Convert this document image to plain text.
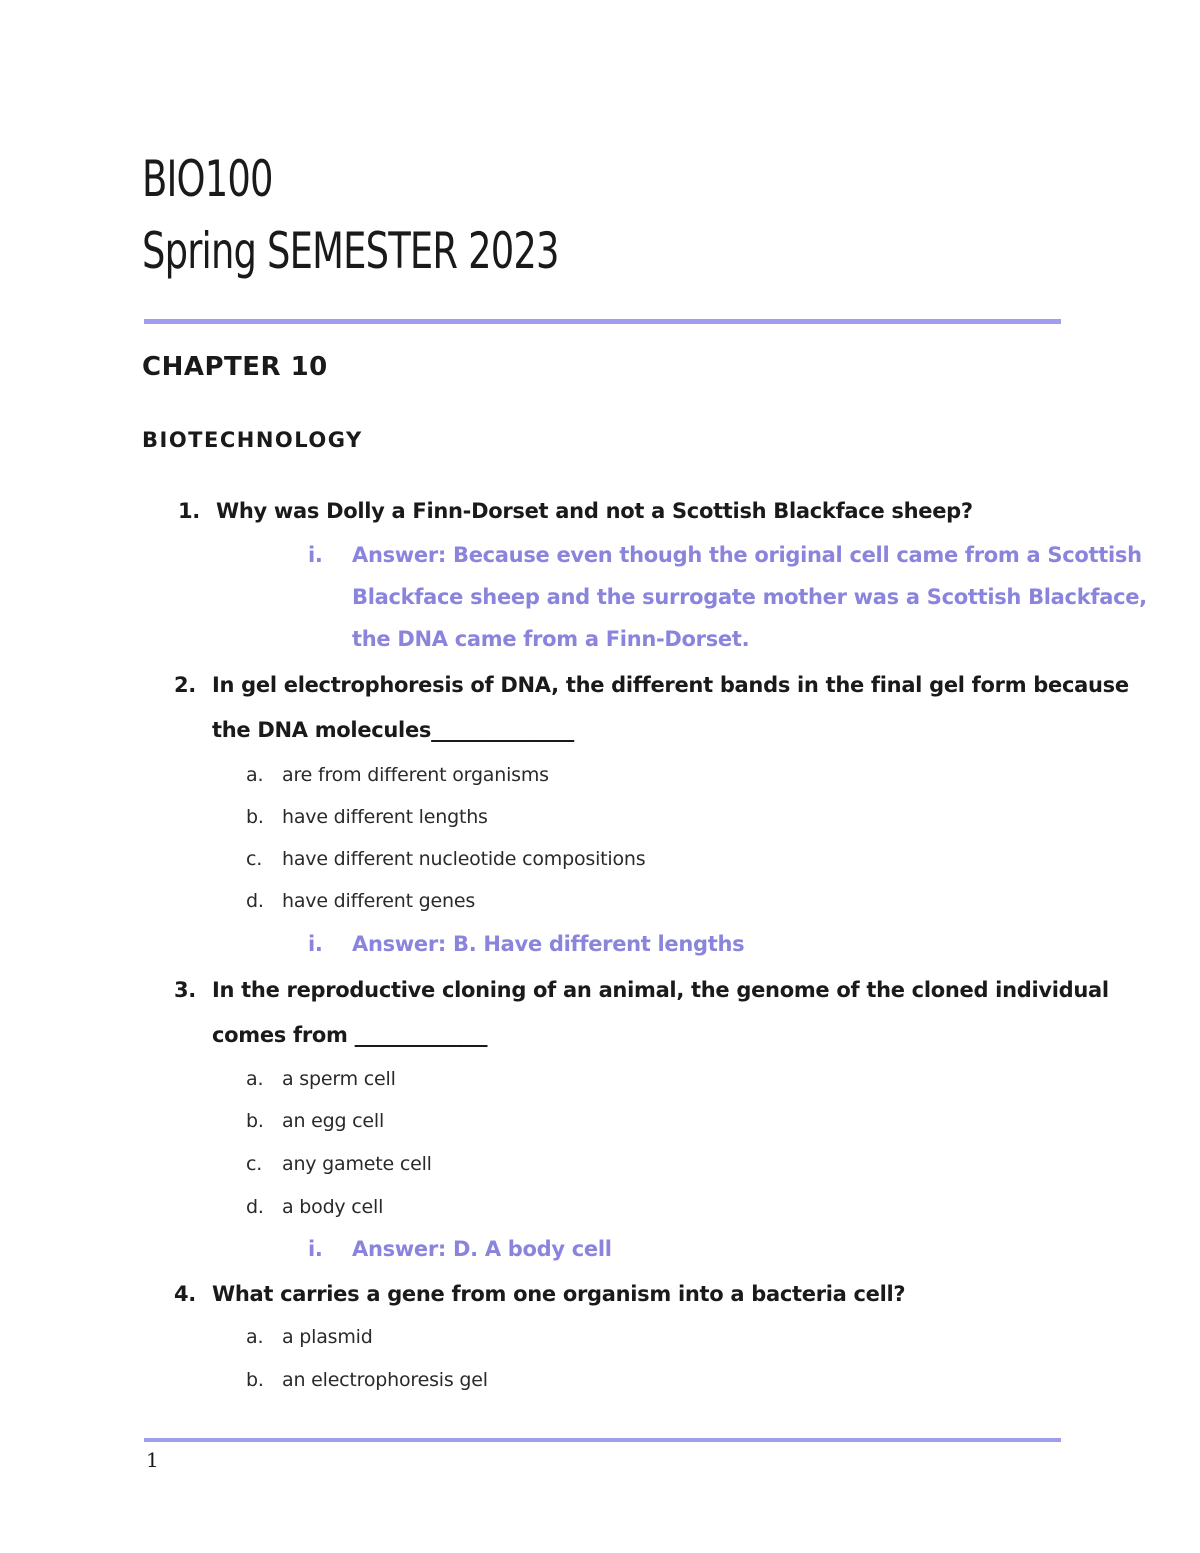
BIO100
Spring SEMESTER 2023
CHAPTER 10
BIOTECHNOLOGY
1. Why was Dolly a Finn-Dorset and not a Scottish Blackface sheep?
i. Answer: Because even though the original cell came from a Scottish
Blackface sheep and the surrogate mother was a Scottish Blackface,
the DNA came from a Finn-Dorset.
2. In gel electrophoresis of DNA, the different bands in the final gel form because
the DNA molecules______________
a. are from different organisms
b. have different lengths
c. have different nucleotide compositions
d. have different genes
i. Answer: B. Have different lengths
3. In the reproductive cloning of an animal, the genome of the cloned individual
comes from _____________
a. a sperm cell
b. an egg cell
c. any gamete cell
d. a body cell
i. Answer: D. A body cell
4. What carries a gene from one organism into a bacteria cell?
a. a plasmid
b. an electrophoresis gel
1
